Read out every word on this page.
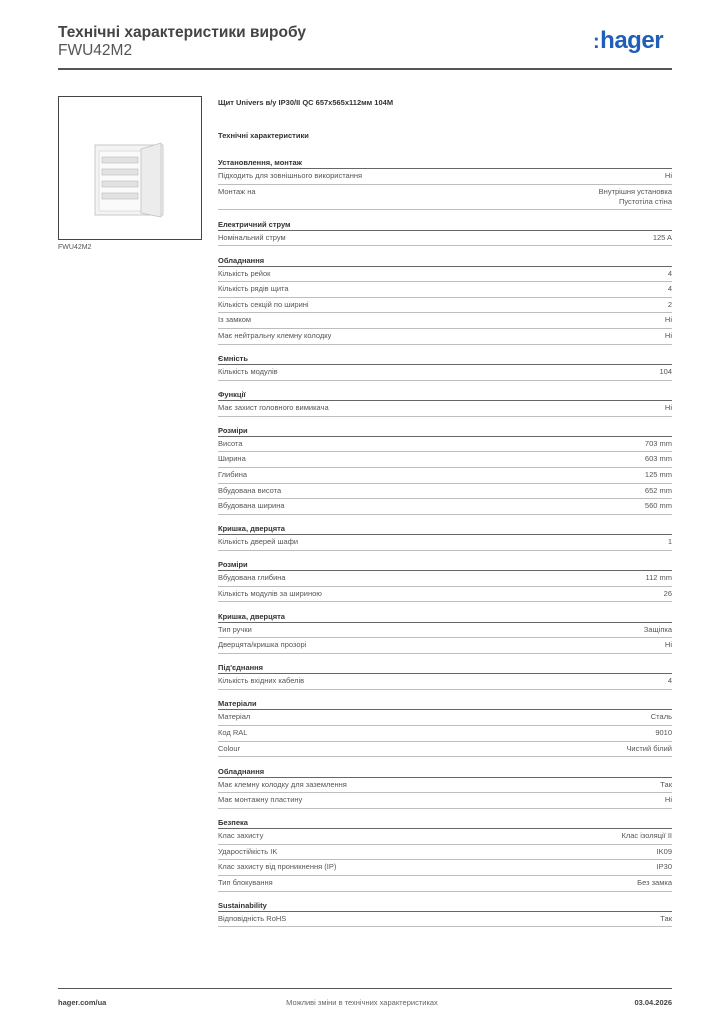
Технічні характеристики виробу
FWU42M2	:hager
FWU42M2
Щит Univers в/у IP30/II QC 657x565x112мм 104М
Технічні характеристики
Установлення, монтаж
Підходить для зовнішнього використання	Ні
Монтаж на	Внутрішня установка
Пустотіла стіна
Електричний струм
Номінальний струм	125 A
Обладнання
Кількість рейок	4
Кількість рядів щита	4
Кількість секцій по ширині	2
Із замком	Ні
Має нейтральну клемну колодку	Ні
Ємність
Кількість модулів	104
Функції
Має захист головного вимикача	Ні
Розміри
Висота	703 mm
Ширина	603 mm
Глибина	125 mm
Вбудована висота	652 mm
Вбудована ширина	560 mm
Кришка, дверцята
Кількість дверей шафи	1
Розміри
Вбудована глибина	112 mm
Кількість модулів за шириною	26
Кришка, дверцята
Тип ручки	Защіпка
Дверцята/кришка прозорі	Ні
Під'єднання
Кількість вхідних кабелів	4
Матеріали
Матеріал	Сталь
Код RAL	9010
Colour	Чистий білий
Обладнання
Має клемну колодку для заземлення	Так
Має монтажну пластину	Ні
Безпека
Клас захисту	Клас ізоляції II
Ударостійкість IK	IK09
Клас захисту від проникнення (IP)	IP30
Тип блокування	Без замка
Sustainability
Відповідність RoHS	Так
hager.com/ua	Можливі зміни в технічних характеристиках	03.04.2026
